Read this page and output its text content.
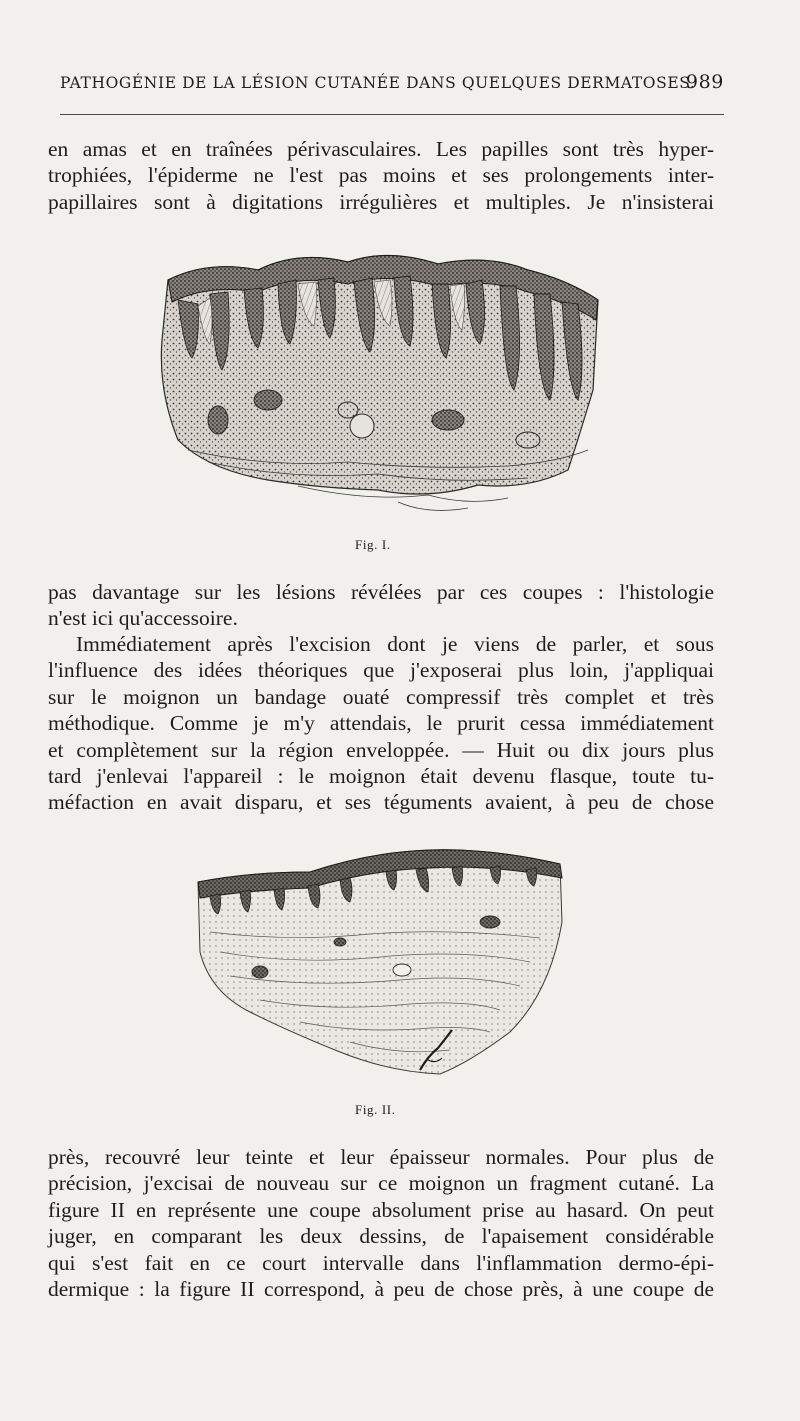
PATHOGÉNIE DE LA LÉSION CUTANÉE DANS QUELQUES DERMATOSES.
989
en amas et en traînées périvasculaires. Les papilles sont très hyper-
trophiées, l'épiderme ne l'est pas moins et ses prolongements inter-
papillaires sont à digitations irrégulières et multiples. Je n'insisterai
Fig. I.
pas davantage sur les lésions révélées par ces coupes : l'histologie
n'est ici qu'accessoire.
Immédiatement après l'excision dont je viens de parler, et sous
l'influence des idées théoriques que j'exposerai plus loin, j'appliquai
sur le moignon un bandage ouaté compressif très complet et très
méthodique. Comme je m'y attendais, le prurit cessa immédiatement
et complètement sur la région enveloppée. — Huit ou dix jours plus
tard j'enlevai l'appareil : le moignon était devenu flasque, toute tu-
méfaction en avait disparu, et ses téguments avaient, à peu de chose
Fig. II.
près, recouvré leur teinte et leur épaisseur normales. Pour plus de
précision, j'excisai de nouveau sur ce moignon un fragment cutané. La
figure II en représente une coupe absolument prise au hasard. On peut
juger, en comparant les deux dessins, de l'apaisement considérable
qui s'est fait en ce court intervalle dans l'inflammation dermo-épi-
dermique : la figure II correspond, à peu de chose près, à une coupe de
